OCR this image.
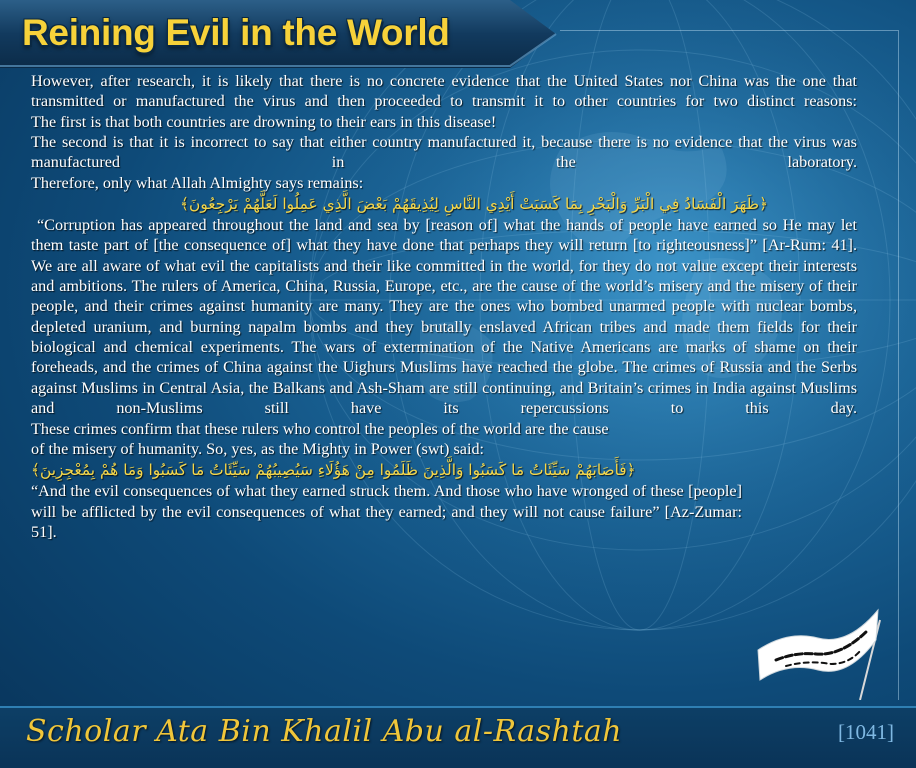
Reining Evil in the World

However, after research, it is likely that there is no concrete evidence that the United States nor China was the one that transmitted or manufactured the virus and then proceeded to transmit it to other countries for two distinct reasons:

The first is that both countries are drowning to their ears in this disease!

The second is that it is incorrect to say that either country manufactured it, because there is no evidence that the virus was manufactured in the laboratory.

Therefore, only what Allah Almighty says remains:

﴿ظَهَرَ الْفَسَادُ فِي الْبَرِّ وَالْبَحْرِ بِمَا كَسَبَتْ أَيْدِي النَّاسِ لِيُذِيقَهُمْ بَعْضَ الَّذِي عَمِلُوا لَعَلَّهُمْ يَرْجِعُونَ﴾

“Corruption has appeared throughout the land and sea by [reason of] what the hands of people have earned so He may let them taste part of [the consequence of] what they have done that perhaps they will return [to righteousness]” [Ar-Rum: 41].

We are all aware of what evil the capitalists and their like committed in the world, for they do not value except their interests and ambitions. The rulers of America, China, Russia, Europe, etc., are the cause of the world’s misery and the misery of their people, and their crimes against humanity are many. They are the ones who bombed unarmed people with nuclear bombs, depleted uranium, and burning napalm bombs and they brutally enslaved African tribes and made them fields for their biological and chemical experiments. The wars of extermination of the Native Americans are marks of shame on their foreheads, and the crimes of China against the Uighurs Muslims have reached the globe. The crimes of Russia and the Serbs against Muslims in Central Asia, the Balkans and Ash-Sham are still continuing, and Britain’s crimes in India against Muslims and non-Muslims still have its repercussions to this day.

These crimes confirm that these rulers who control the peoples of the world are the cause

of the misery of humanity. So, yes, as the Mighty in Power (swt) said:

﴿فَأَصَابَهُمْ سَيِّئَاتُ مَا كَسَبُوا وَالَّذِينَ ظَلَمُوا مِنْ هَؤُلَاءِ سَيُصِيبُهُمْ سَيِّئَاتُ مَا كَسَبُوا وَمَا هُمْ بِمُعْجِزِينَ﴾

“And the evil consequences of what they earned struck them. And those who have wronged of these [people] will be afflicted by the evil consequences of what they earned; and they will not cause failure” [Az-Zumar: 51].

Scholar Ata Bin Khalil Abu al-Rashtah	[1041]
